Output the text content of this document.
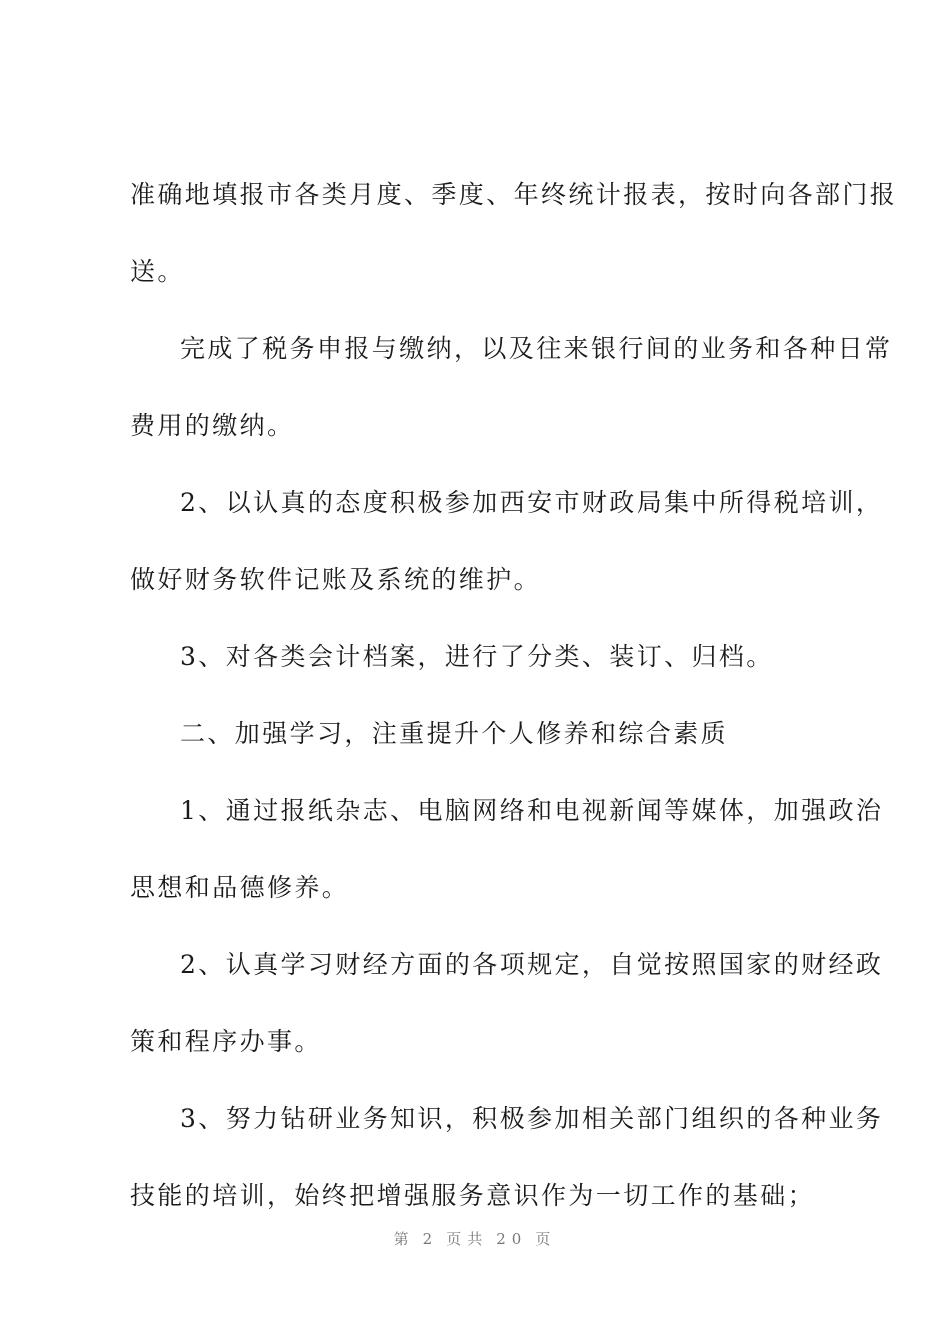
准确地填报市各类月度、季度、年终统计报表，按时向各部门报
送。
完成了税务申报与缴纳，以及往来银行间的业务和各种日常
费用的缴纳。
2、以认真的态度积极参加西安市财政局集中所得税培训，
做好财务软件记账及系统的维护。
3、对各类会计档案，进行了分类、装订、归档。
二、加强学习，注重提升个人修养和综合素质
1、通过报纸杂志、电脑网络和电视新闻等媒体，加强政治
思想和品德修养。
2、认真学习财经方面的各项规定，自觉按照国家的财经政
策和程序办事。
3、努力钻研业务知识，积极参加相关部门组织的各种业务
技能的培训，始终把增强服务意识作为一切工作的基础；
第 2 页共 20 页
